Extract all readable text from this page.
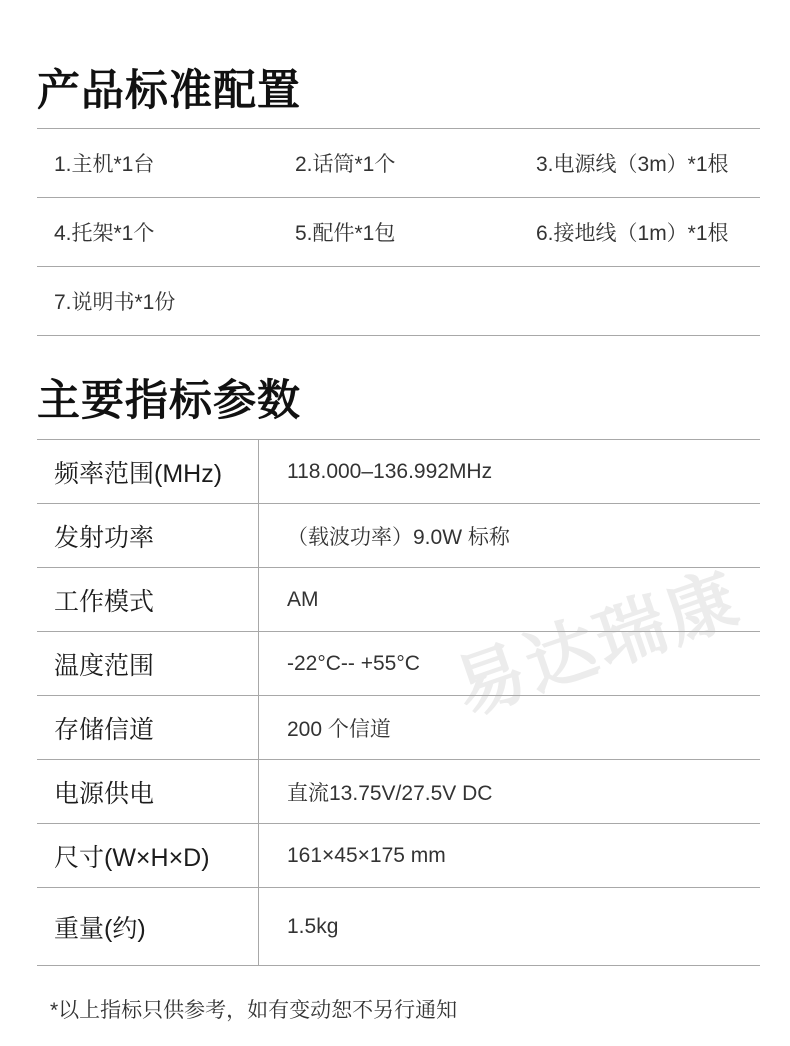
易达瑞康
产品标准配置
1.主机*1台	2.话筒*1个	3.电源线（3m）*1根
4.托架*1个	5.配件*1包	6.接地线（1m）*1根
7.说明书*1份
主要指标参数
频率范围(MHz)	118.000–136.992MHz
发射功率	（载波功率）9.0W 标称
工作模式	AM
温度范围	-22°C-- +55°C
存储信道	200 个信道
电源供电	直流13.75V/27.5V DC
尺寸(W×H×D)	161×45×175 mm
重量(约)	1.5kg
*以上指标只供参考，如有变动恕不另行通知
